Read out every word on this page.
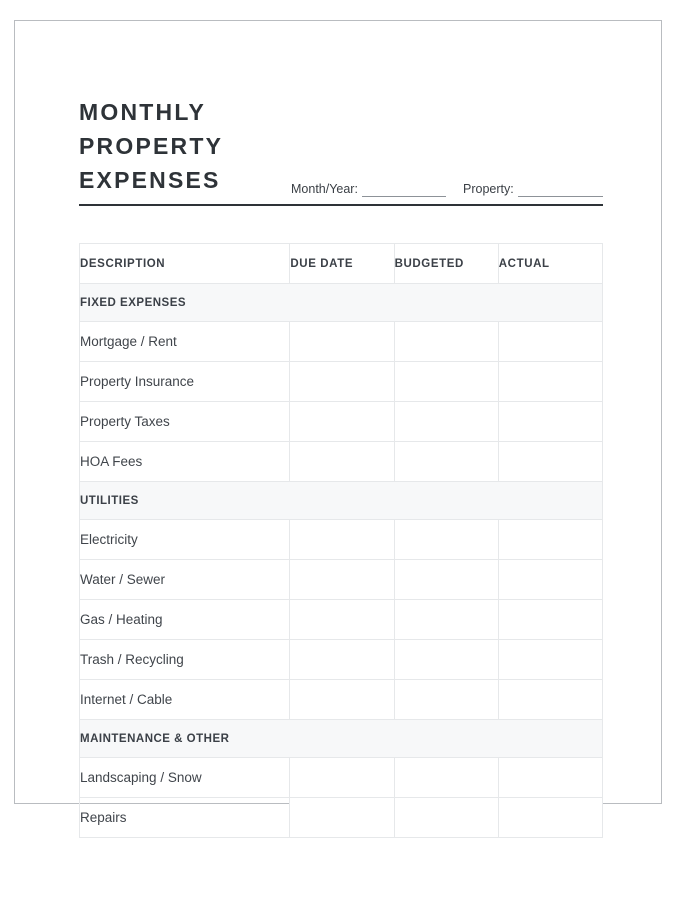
MONTHLY
PROPERTY
EXPENSES	Month/Year:	Property:
DESCRIPTION	DUE DATE	BUDGETED	ACTUAL
FIXED EXPENSES			
Mortgage / Rent			
Property Insurance			
Property Taxes			
HOA Fees			
UTILITIES			
Electricity			
Water / Sewer			
Gas / Heating			
Trash / Recycling			
Internet / Cable			
MAINTENANCE & OTHER			
Landscaping / Snow			
Repairs			
